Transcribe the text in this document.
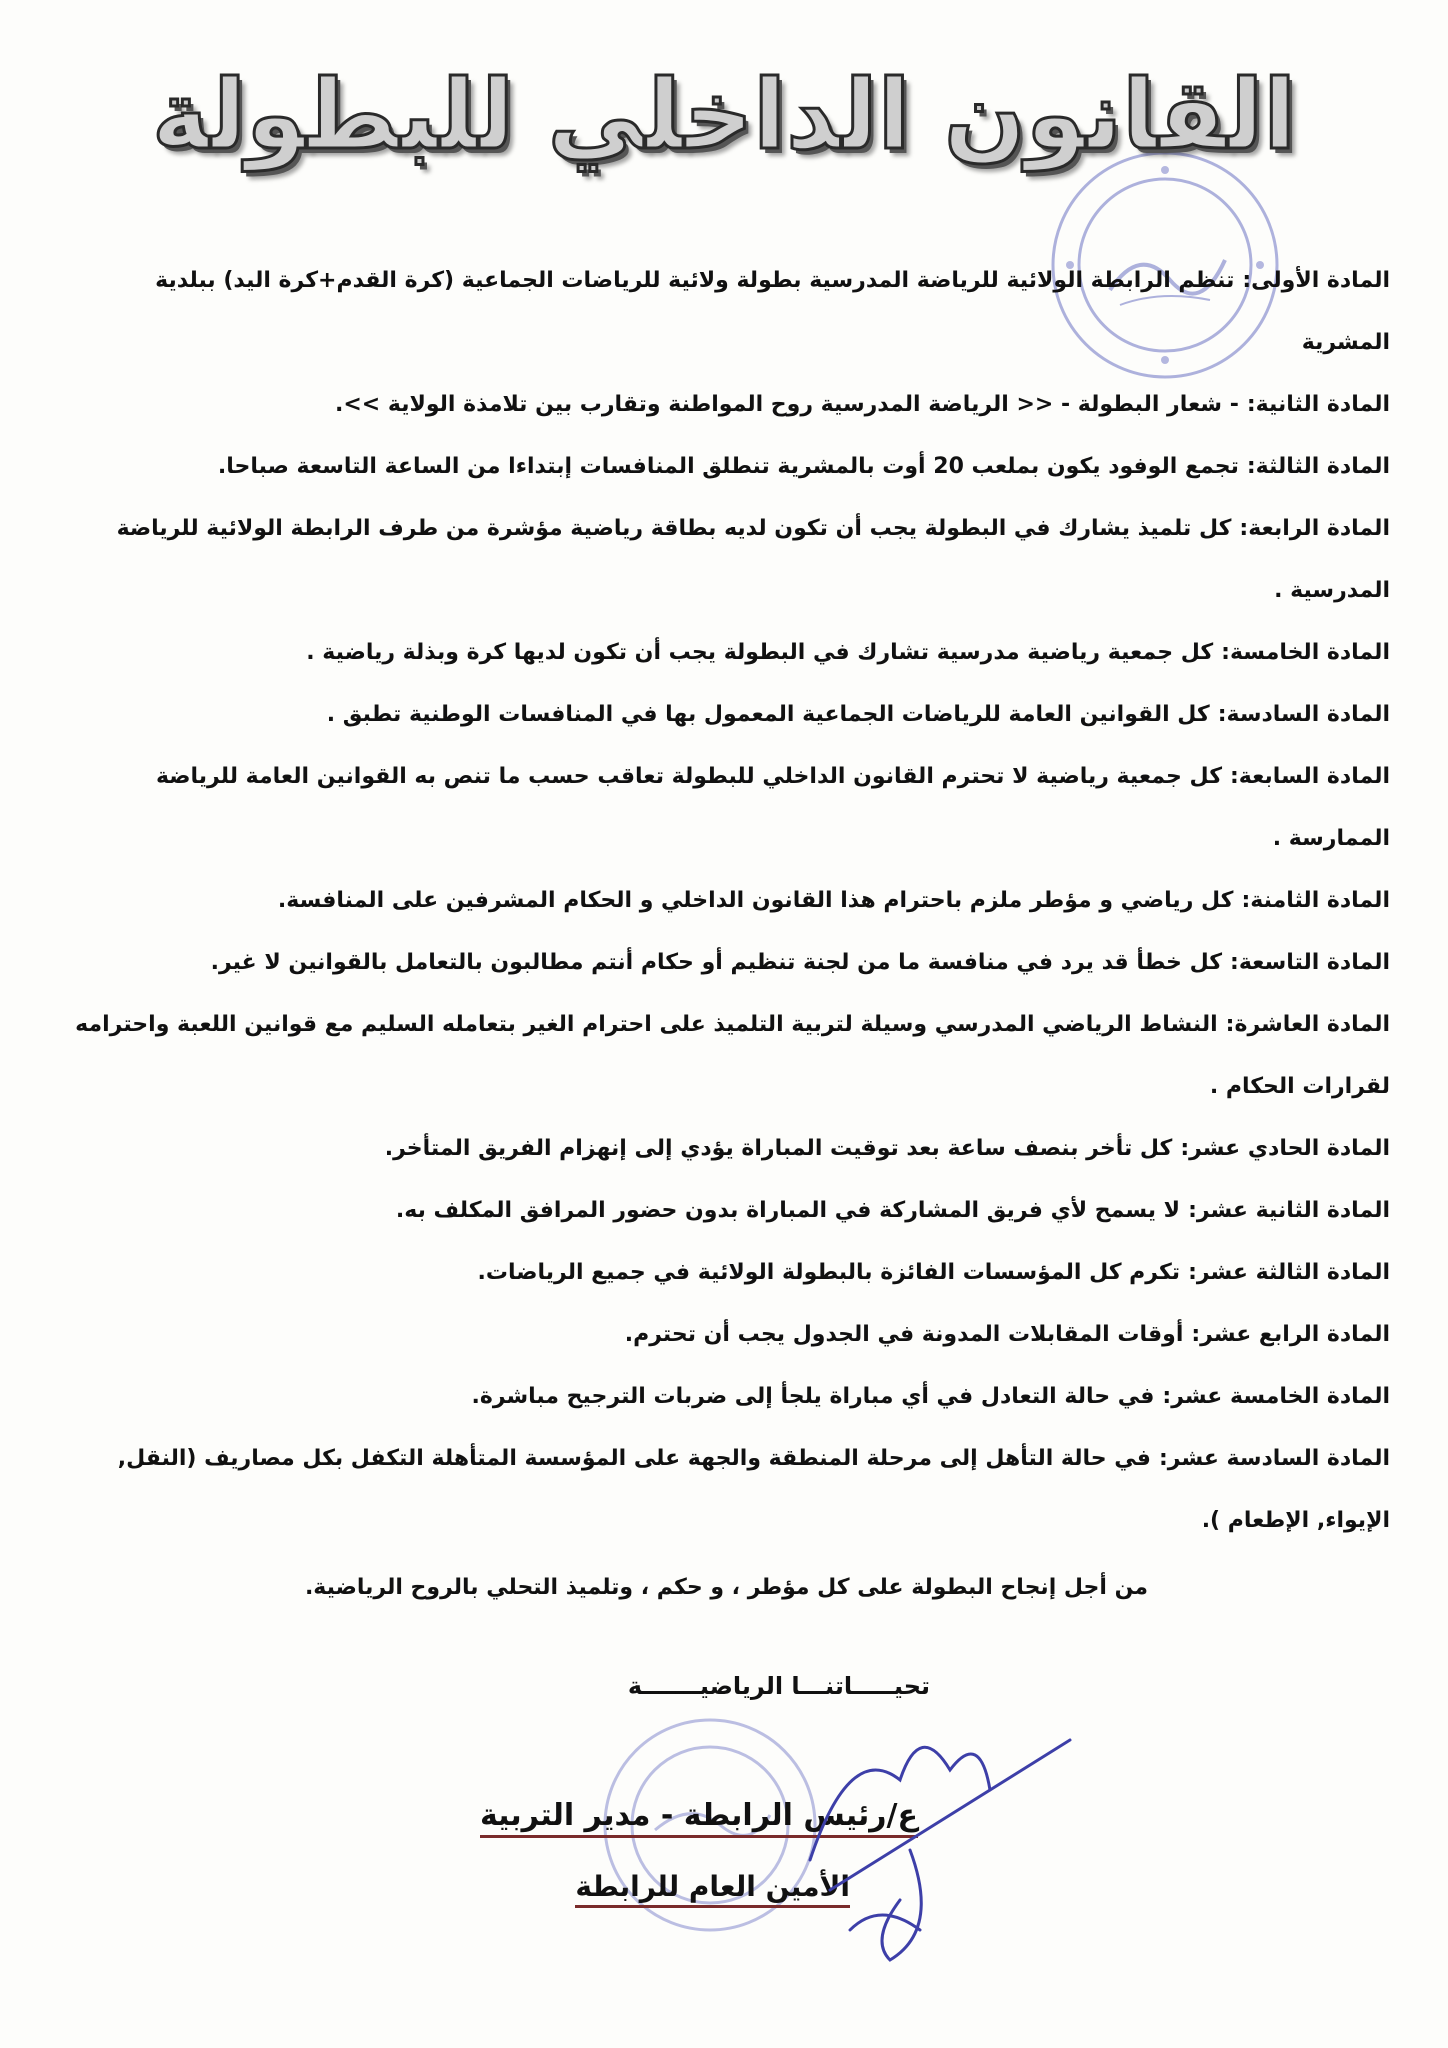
القانون الداخلي للبطولة

المادة الأولى:تنظم الرابطة الولائية للرياضة المدرسية بطولة ولائية للرياضات الجماعية (كرة القدم+كرة اليد) ببلدية المشرية

المادة الثانية:- شعار البطولة - << الرياضة المدرسية روح المواطنة وتقارب بين تلامذة الولاية >>.

المادة الثالثة:تجمع الوفود يكون بملعب 20 أوت بالمشرية تنطلق المنافسات إبتداءا من الساعة التاسعة صباحا.

المادة الرابعة:كل تلميذ يشارك في البطولة يجب أن تكون لديه بطاقة رياضية مؤشرة من طرف الرابطة الولائية للرياضة المدرسية .

المادة الخامسة:كل جمعية رياضية مدرسية تشارك في البطولة يجب أن تكون لديها كرة وبذلة رياضية .

المادة السادسة:كل القوانين العامة للرياضات الجماعية المعمول بها في المنافسات الوطنية تطبق .

المادة السابعة:كل جمعية رياضية لا تحترم القانون الداخلي للبطولة تعاقب حسب ما تنص به القوانين العامة للرياضة الممارسة .

المادة الثامنة:كل رياضي و مؤطر ملزم باحترام هذا القانون الداخلي و الحكام المشرفين على المنافسة.

المادة التاسعة:كل خطأ قد يرد في منافسة ما من لجنة تنظيم أو حكام أنتم مطالبون بالتعامل بالقوانين لا غير.

المادة العاشرة:النشاط الرياضي المدرسي وسيلة لتربية التلميذ على احترام الغير بتعامله السليم مع قوانين اللعبة واحترامه لقرارات الحكام .

المادة الحادي عشر:كل تأخر بنصف ساعة بعد توقيت المباراة يؤدي إلى إنهزام الفريق المتأخر.

المادة الثانية عشر:لا يسمح لأي فريق المشاركة في المباراة بدون حضور المرافق المكلف به.

المادة الثالثة عشر:تكرم كل المؤسسات الفائزة بالبطولة الولائية في جميع الرياضات.

المادة الرابع عشر:أوقات المقابلات المدونة في الجدول يجب أن تحترم.

المادة الخامسة عشر:في حالة التعادل في أي مباراة يلجأ إلى ضربات الترجيح مباشرة.

المادة السادسة عشر:في حالة التأهل إلى مرحلة المنطقة والجهة على المؤسسة المتأهلة التكفل بكل مصاريف (النقل, الإيواء, الإطعام ).

من أجل إنجاح البطولة على كل مؤطر ، و حكم ، وتلميذ التحلي بالروح الرياضية.
تحيـــــاتنـــا الرياضيـــــــة
ع/رئيس الرابطة - مدير التربية
الأمين العام للرابطة
